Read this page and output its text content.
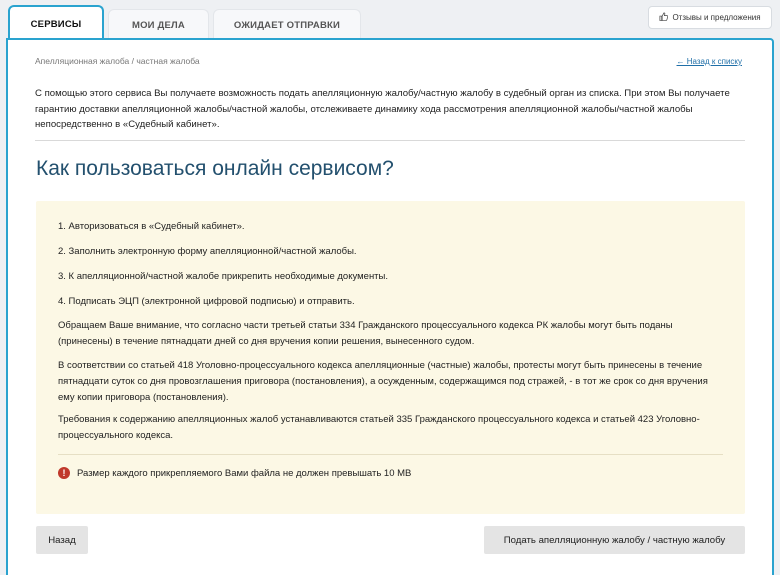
СЕРВИСЫ	МОИ ДЕЛА	ОЖИДАЕТ ОТПРАВКИ
Отзывы и предложения
Апелляционная жалоба / частная жалоба	← Назад к списку
С помощью этого сервиса Вы получаете возможность подать апелляционную жалобу/частную жалобу в судебный орган из списка. При этом Вы получаете гарантию доставки апелляционной жалобы/частной жалобы, отслеживаете динамику хода рассмотрения апелляционной жалобы/частной жалобы непосредственно в «Судебный кабинет».
Как пользоваться онлайн сервисом?

1. Авторизоваться в «Судебный кабинет».

2. Заполнить электронную форму апелляционной/частной жалобы.

3. К апелляционной/частной жалобе прикрепить необходимые документы.

4. Подписать ЭЦП (электронной цифровой подписью) и отправить.

Обращаем Ваше внимание, что согласно части третьей статьи 334 Гражданского процессуального кодекса РК жалобы могут быть поданы (принесены) в течение пятнадцати дней со дня вручения копии решения, вынесенного судом.

В соответствии со статьей 418 Уголовно-процессуального кодекса апелляционные (частные) жалобы, протесты могут быть принесены в течение пятнадцати суток со дня провозглашения приговора (постановления), а осужденным, содержащимся под стражей, - в тот же срок со дня вручения ему копии приговора (постановления).

Требования к содержанию апелляционных жалоб устанавливаются статьей 335 Гражданского процессуального кодекса и статьей 423 Уголовно-процессуального кодекса.

!	Размер каждого прикрепляемого Вами файла не должен превышать 10 MB
Назад	Подать апелляционную жалобу / частную жалобу
